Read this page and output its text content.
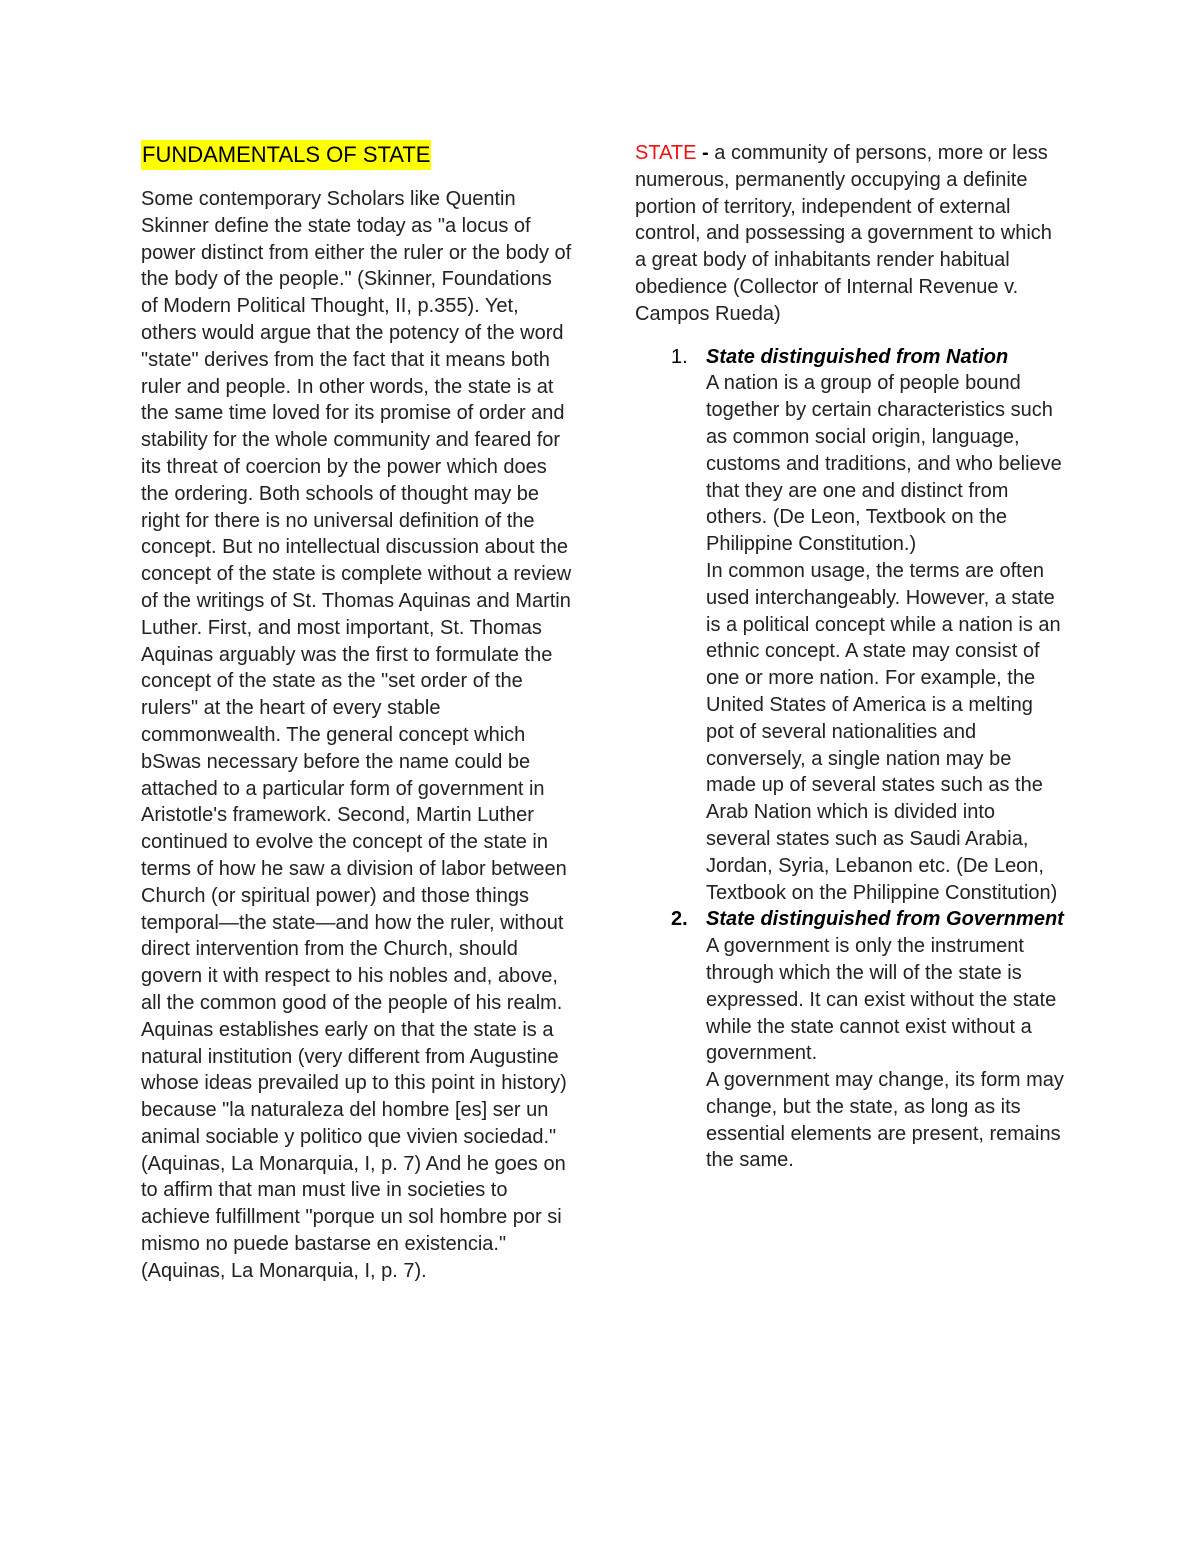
FUNDAMENTALS OF STATE

Some contemporary Scholars like Quentin Skinner define the state today as "a locus of power distinct from either the ruler or the body of the body of the people." (Skinner, Foundations of Modern Political Thought, II, p.355). Yet, others would argue that the potency of the word "state" derives from the fact that it means both ruler and people. In other words, the state is at the same time loved for its promise of order and stability for the whole community and feared for its threat of coercion by the power which does the ordering. Both schools of thought may be right for there is no universal definition of the concept. But no intellectual discussion about the concept of the state is complete without a review of the writings of St. Thomas Aquinas and Martin Luther. First, and most important, St. Thomas Aquinas arguably was the first to formulate the concept of the state as the "set order of the rulers" at the heart of every stable commonwealth. The general concept which bSwas necessary before the name could be attached to a particular form of government in Aristotle's framework. Second, Martin Luther continued to evolve the concept of the state in terms of how he saw a division of labor between Church (or spiritual power) and those things temporal—the state—and how the ruler, without direct intervention from the Church, should govern it with respect to his nobles and, above, all the common good of the people of his realm. Aquinas establishes early on that the state is a natural institution (very different from Augustine whose ideas prevailed up to this point in history) because "la naturaleza del hombre [es] ser un animal sociable y politico que vivien sociedad." (Aquinas, La Monarquia, I, p. 7) And he goes on to affirm that man must live in societies to achieve fulfillment "porque un sol hombre por si mismo no puede bastarse en existencia." (Aquinas, La Monarquia, I, p. 7).

STATE - a community of persons, more or less numerous, permanently occupying a definite portion of territory, independent of external control, and possessing a government to which a great body of inhabitants render habitual obedience (Collector of Internal Revenue v. Campos Rueda)

1. State distinguished from Nation

A nation is a group of people bound together by certain characteristics such as common social origin, language, customs and traditions, and who believe that they are one and distinct from others. (De Leon, Textbook on the Philippine Constitution.)

In common usage, the terms are often used interchangeably. However, a state is a political concept while a nation is an ethnic concept. A state may consist of one or more nation. For example, the United States of America is a melting pot of several nationalities and conversely, a single nation may be made up of several states such as the Arab Nation which is divided into several states such as Saudi Arabia, Jordan, Syria, Lebanon etc. (De Leon, Textbook on the Philippine Constitution)

2. State distinguished from Government

A government is only the instrument through which the will of the state is expressed. It can exist without the state while the state cannot exist without a government.

A government may change, its form may change, but the state, as long as its essential elements are present, remains the same.
